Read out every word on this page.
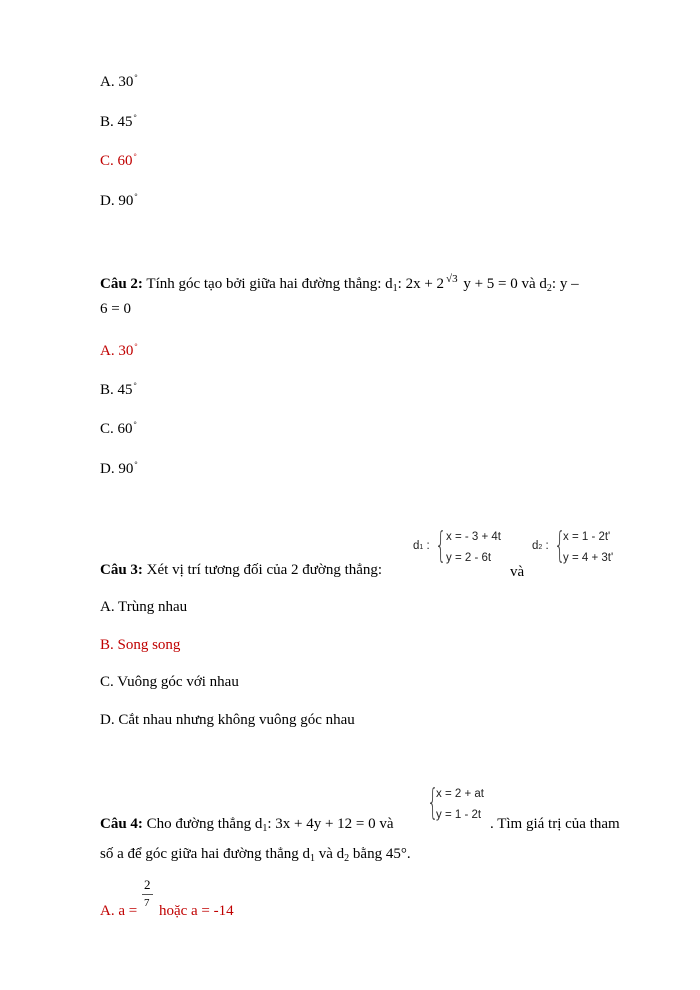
A. 30°
B. 45°
C. 60°
D. 90°
Câu 2: Tính góc tạo bởi giữa hai đường thẳng: $d_1$: 2x + 2 $^{√3}$ y + 5 = 0 và $d_2$: y –
6 = 0
A. 30°
B. 45°
C. 60°
D. 90°
Câu 3: Xét vị trí tương đối của 2 đường thẳng:
d1 : { x = - 3 + 4t
y = 2 - 6t
và
d2 : {
x = 1 - 2t'
y = 4 + 3t'
A. Trùng nhau
B. Song song
C. Vuông góc với nhau
D. Cắt nhau nhưng không vuông góc nhau
Câu 4: Cho đường thẳng $d_1$: 3x + 4y + 12 = 0 và
{
x = 2 + at
y = 1 - 2t
. Tìm giá trị của tham
số a để góc giữa hai đường thẳng $d_1$ và $d_2$ bằng 45°.
A. a = hoặc a = -14
2
7
